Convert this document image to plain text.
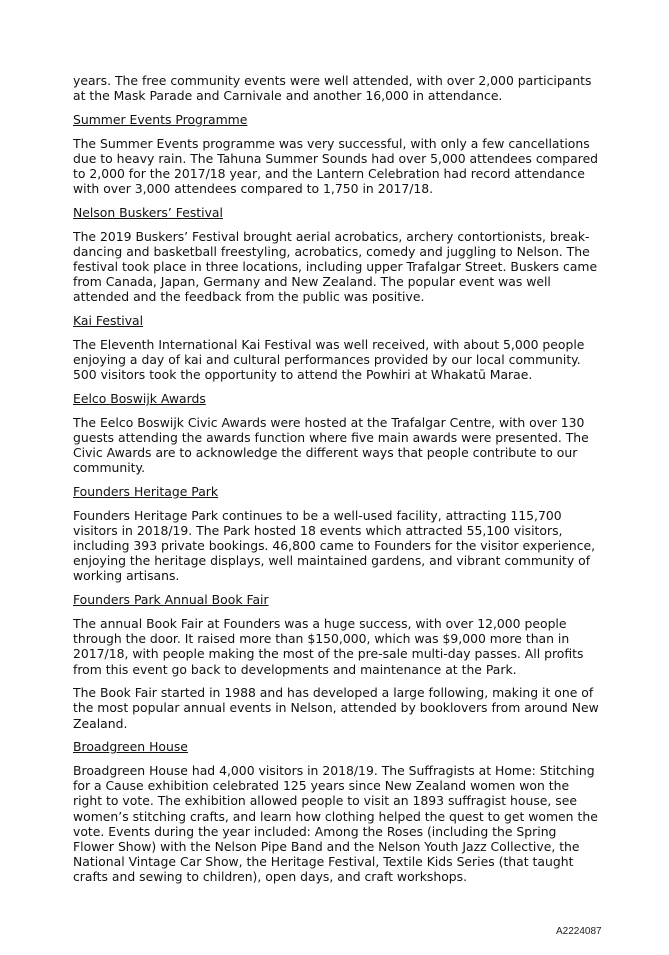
years. The free community events were well attended, with over 2,000 participants at the Mask Parade and Carnivale and another 16,000 in attendance.

Summer Events Programme

The Summer Events programme was very successful, with only a few cancellations due to heavy rain. The Tahuna Summer Sounds had over 5,000 attendees compared to 2,000 for the 2017/18 year, and the Lantern Celebration had record attendance with over 3,000 attendees compared to 1,750 in 2017/18.

Nelson Buskers’ Festival

The 2019 Buskers’ Festival brought aerial acrobatics, archery contortionists, break-dancing and basketball freestyling, acrobatics, comedy and juggling to Nelson. The festival took place in three locations, including upper Trafalgar Street. Buskers came from Canada, Japan, Germany and New Zealand. The popular event was well attended and the feedback from the public was positive.

Kai Festival

The Eleventh International Kai Festival was well received, with about 5,000 people enjoying a day of kai and cultural performances provided by our local community. 500 visitors took the opportunity to attend the Powhiri at Whakatū Marae.

Eelco Boswijk Awards

The Eelco Boswijk Civic Awards were hosted at the Trafalgar Centre, with over 130 guests attending the awards function where five main awards were presented. The Civic Awards are to acknowledge the different ways that people contribute to our community.

Founders Heritage Park

Founders Heritage Park continues to be a well-used facility, attracting 115,700 visitors in 2018/19. The Park hosted 18 events which attracted 55,100 visitors, including 393 private bookings. 46,800 came to Founders for the visitor experience, enjoying the heritage displays, well maintained gardens, and vibrant community of working artisans.

Founders Park Annual Book Fair

The annual Book Fair at Founders was a huge success, with over 12,000 people through the door. It raised more than $150,000, which was $9,000 more than in 2017/18, with people making the most of the pre-sale multi-day passes. All profits from this event go back to developments and maintenance at the Park.

The Book Fair started in 1988 and has developed a large following, making it one of the most popular annual events in Nelson, attended by booklovers from around New Zealand.

Broadgreen House

Broadgreen House had 4,000 visitors in 2018/19. The Suffragists at Home: Stitching for a Cause exhibition celebrated 125 years since New Zealand women won the right to vote. The exhibition allowed people to visit an 1893 suffragist house, see women’s stitching crafts, and learn how clothing helped the quest to get women the vote. Events during the year included: Among the Roses (including the Spring Flower Show) with the Nelson Pipe Band and the Nelson Youth Jazz Collective, the National Vintage Car Show, the Heritage Festival, Textile Kids Series (that taught crafts and sewing to children), open days, and craft workshops.

A2224087
